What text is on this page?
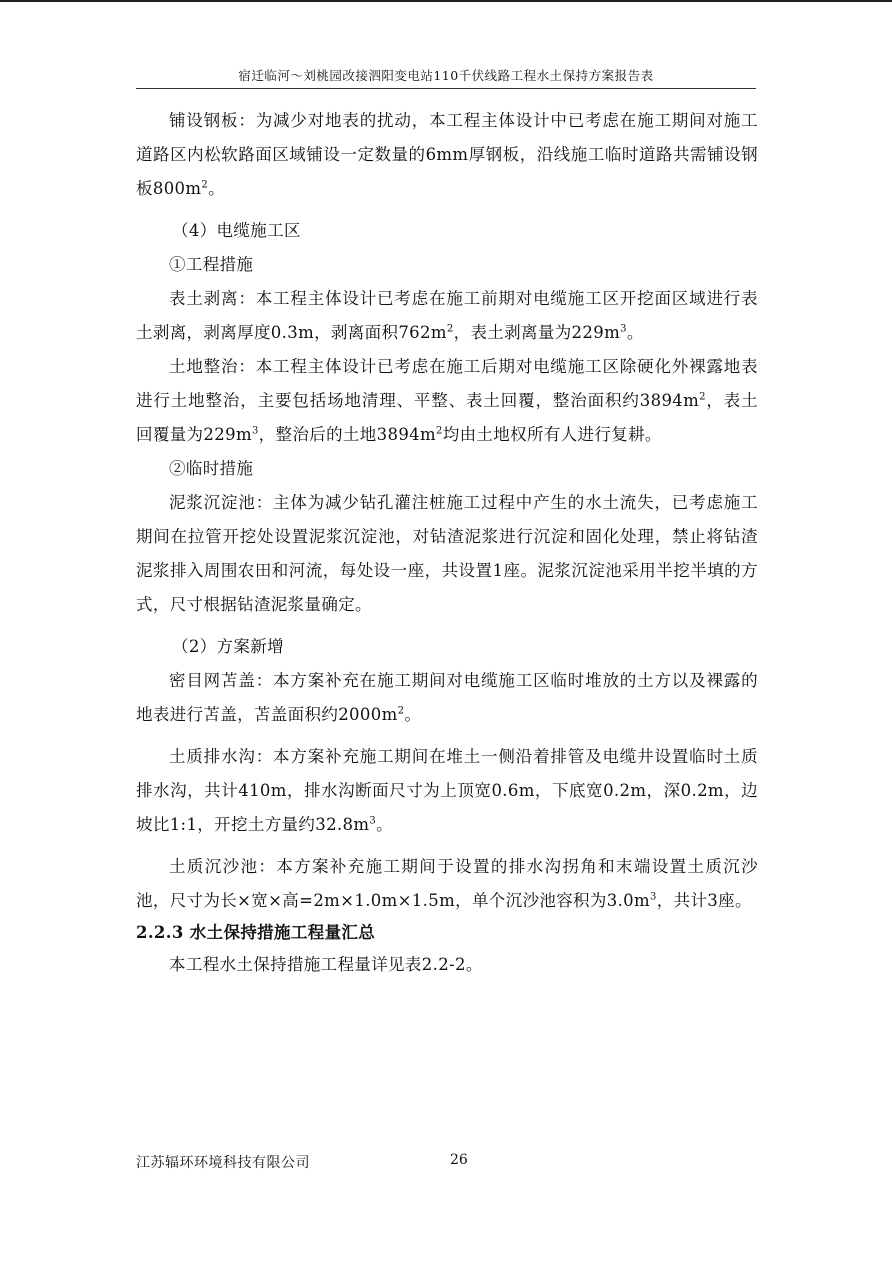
宿迁临河～刘桃园改接泗阳变电站110千伏线路工程水土保持方案报告表

铺设钢板：为减少对地表的扰动，本工程主体设计中已考虑在施工期间对施工道路区内松软路面区域铺设一定数量的6mm厚钢板，沿线施工临时道路共需铺设钢板$800m^2$。

（4）电缆施工区

①工程措施

表土剥离：本工程主体设计已考虑在施工前期对电缆施工区开挖面区域进行表土剥离，剥离厚度0.3m，剥离面积$762m^2$，表土剥离量为$229m^3$。

土地整治：本工程主体设计已考虑在施工后期对电缆施工区除硬化外裸露地表进行土地整治，主要包括场地清理、平整、表土回覆，整治面积约$3894m^2$，表土回覆量为$229m^3$，整治后的土地$3894m^2$均由土地权所有人进行复耕。

②临时措施

泥浆沉淀池：主体为减少钻孔灌注桩施工过程中产生的水土流失，已考虑施工期间在拉管开挖处设置泥浆沉淀池，对钻渣泥浆进行沉淀和固化处理，禁止将钻渣泥浆排入周围农田和河流，每处设一座，共设置1座。泥浆沉淀池采用半挖半填的方式，尺寸根据钻渣泥浆量确定。

（2）方案新增

密目网苫盖：本方案补充在施工期间对电缆施工区临时堆放的土方以及裸露的地表进行苫盖，苫盖面积约$2000m^2$。

土质排水沟：本方案补充施工期间在堆土一侧沿着排管及电缆井设置临时土质排水沟，共计410m，排水沟断面尺寸为上顶宽0.6m，下底宽0.2m，深0.2m，边坡比1:1，开挖土方量约$32.8m^3$。

土质沉沙池：本方案补充施工期间于设置的排水沟拐角和末端设置土质沉沙池，尺寸为长×宽×高=2m×1.0m×1.5m，单个沉沙池容积为$3.0m^3$，共计3座。

2.2.3 水土保持措施工程量汇总

本工程水土保持措施工程量详见表2.2-2。

江苏辐环环境科技有限公司	26
